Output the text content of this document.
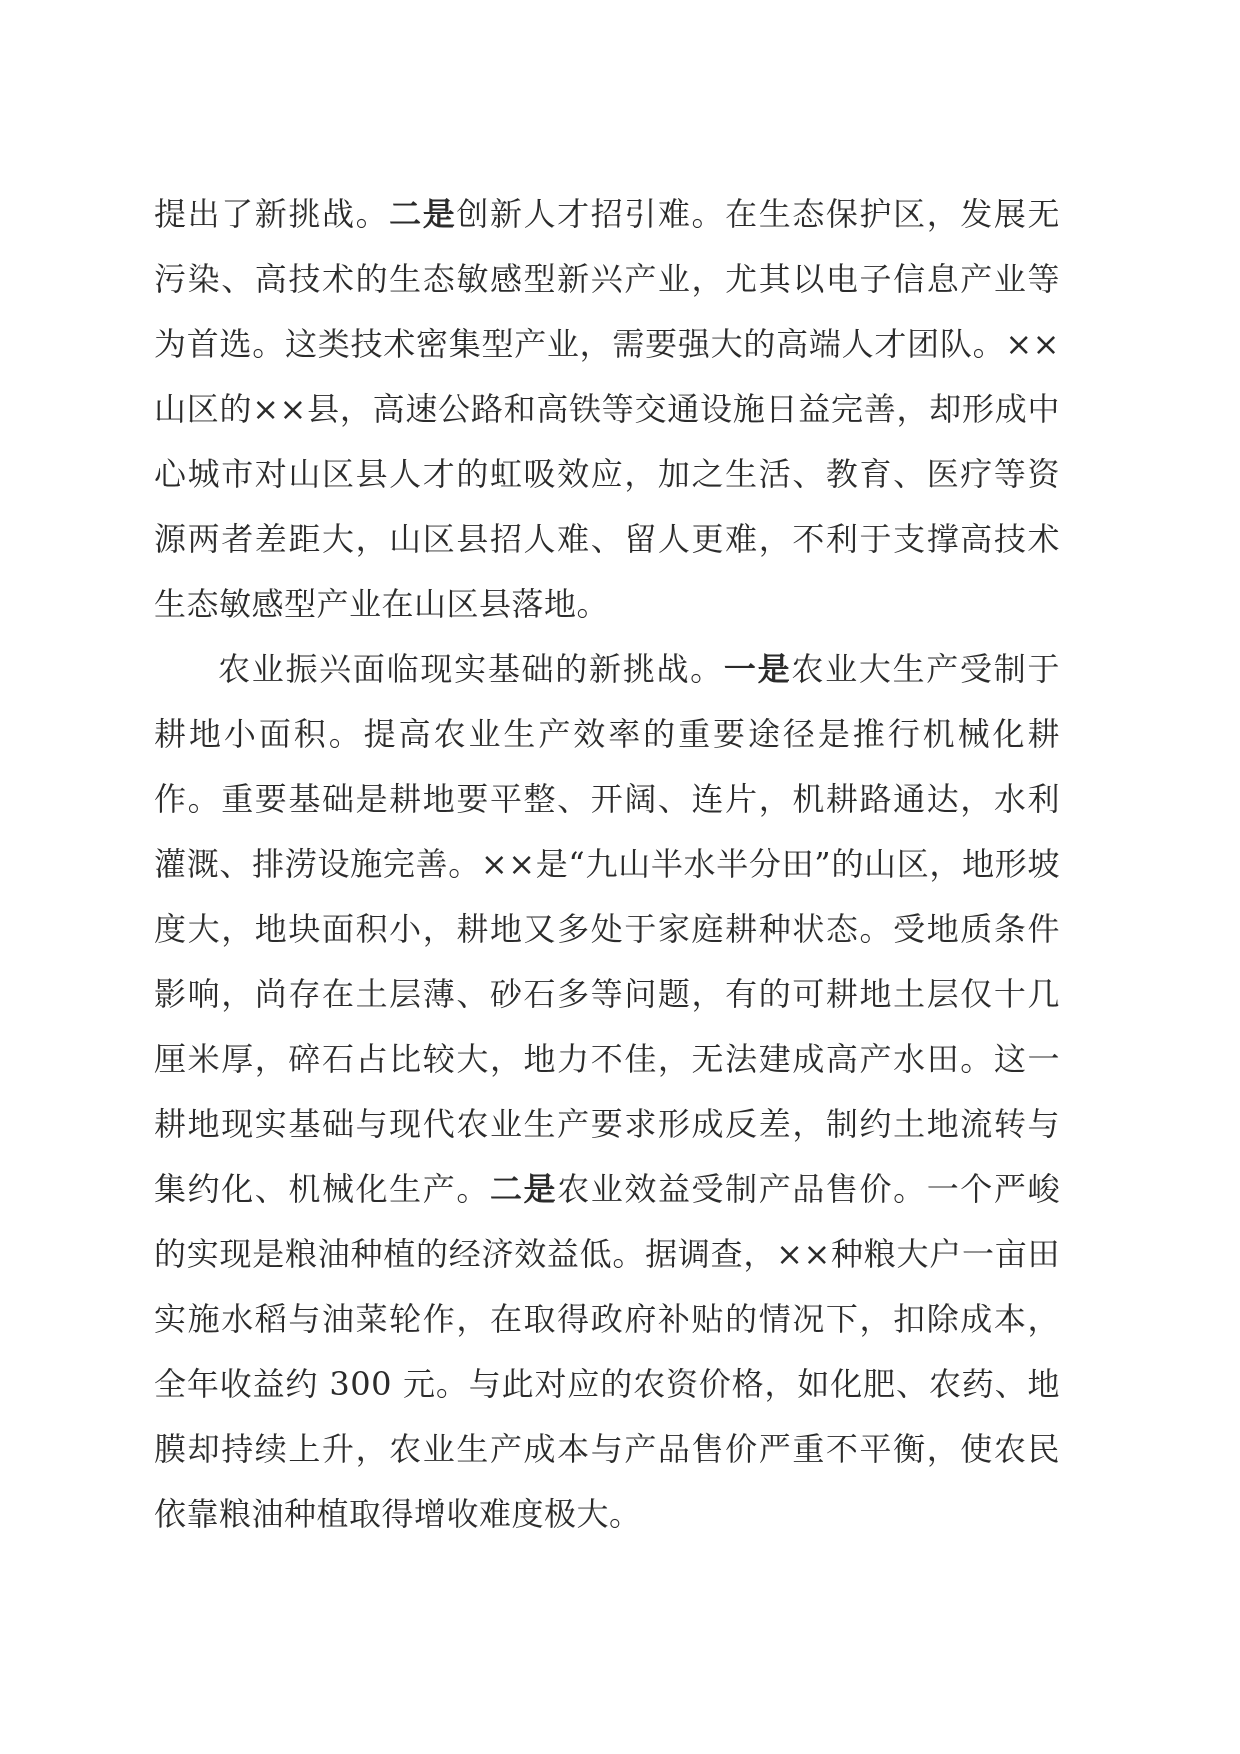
提出了新挑战。二是创新人才招引难。在生态保护区，发展无污染、高技术的生态敏感型新兴产业，尤其以电子信息产业等为首选。这类技术密集型产业，需要强大的高端人才团队。××山区的××县，高速公路和高铁等交通设施日益完善，却形成中心城市对山区县人才的虹吸效应，加之生活、教育、医疗等资源两者差距大，山区县招人难、留人更难，不利于支撑高技术生态敏感型产业在山区县落地。

农业振兴面临现实基础的新挑战。一是农业大生产受制于耕地小面积。提高农业生产效率的重要途径是推行机械化耕作。重要基础是耕地要平整、开阔、连片，机耕路通达，水利灌溉、排涝设施完善。××是“九山半水半分田”的山区，地形坡度大，地块面积小，耕地又多处于家庭耕种状态。受地质条件影响，尚存在土层薄、砂石多等问题，有的可耕地土层仅十几厘米厚，碎石占比较大，地力不佳，无法建成高产水田。这一耕地现实基础与现代农业生产要求形成反差，制约土地流转与集约化、机械化生产。二是农业效益受制产品售价。一个严峻的实现是粮油种植的经济效益低。据调查，××种粮大户一亩田实施水稻与油菜轮作，在取得政府补贴的情况下，扣除成本，全年收益约 300 元。与此对应的农资价格，如化肥、农药、地膜却持续上升，农业生产成本与产品售价严重不平衡，使农民依靠粮油种植取得增收难度极大。
